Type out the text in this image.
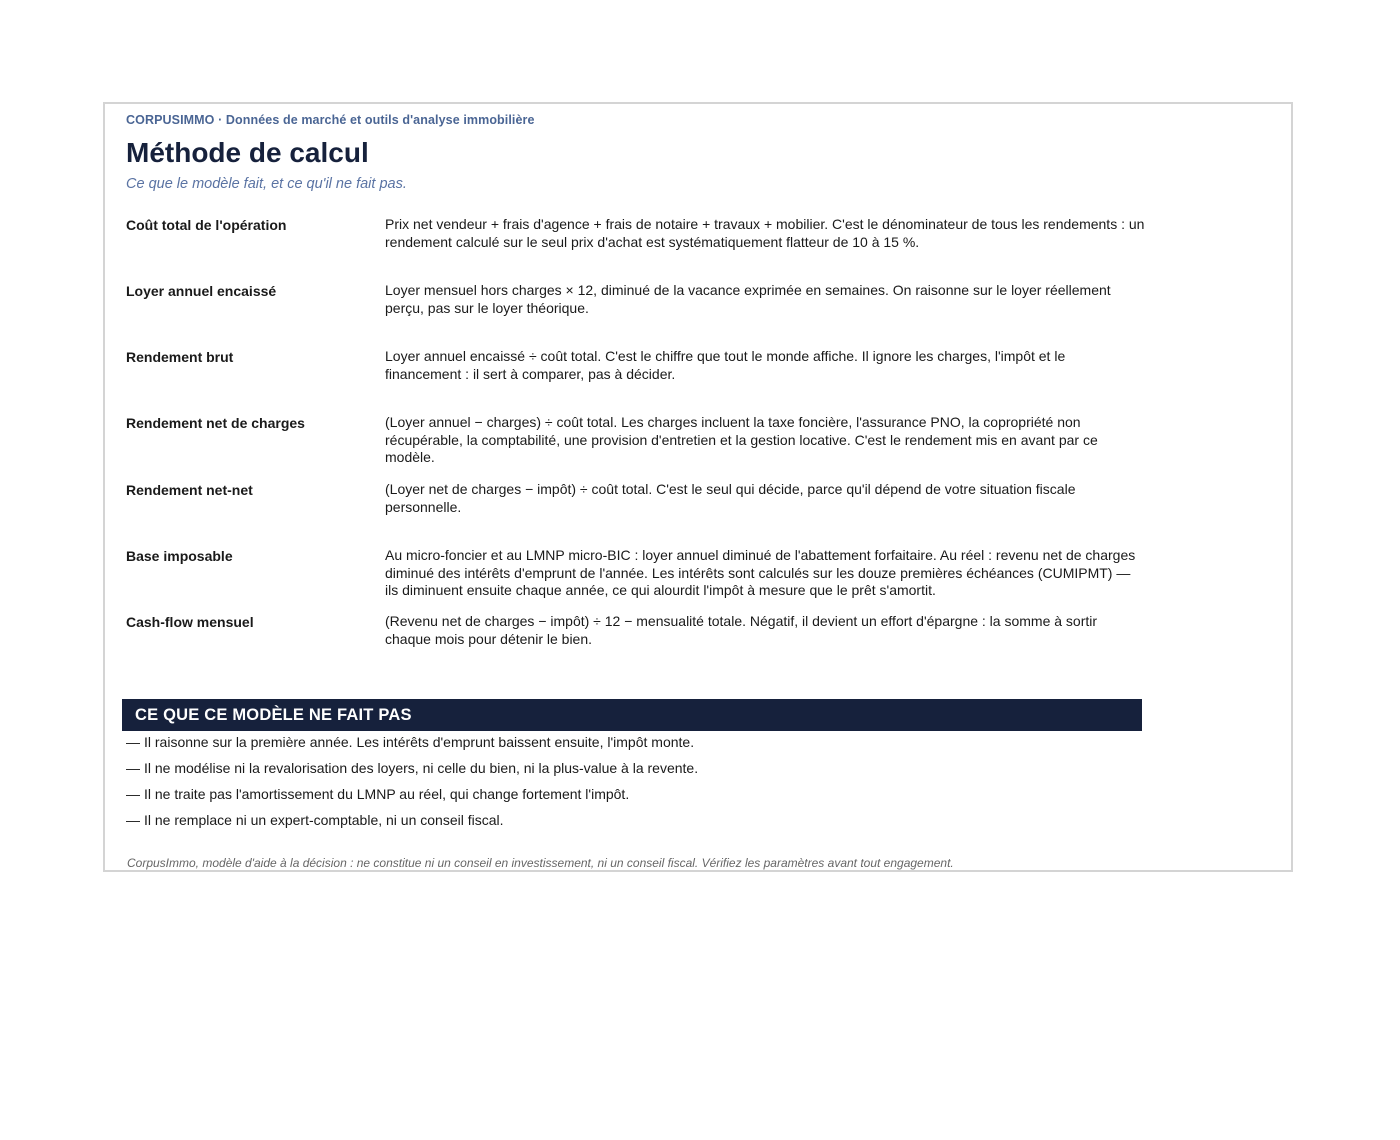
CORPUSIMMO · Données de marché et outils d'analyse immobilière
Méthode de calcul
Ce que le modèle fait, et ce qu'il ne fait pas.
Coût total de l'opération	Prix net vendeur + frais d'agence + frais de notaire + travaux + mobilier. C'est le dénominateur de tous les rendements : un rendement calculé sur le seul prix d'achat est systématiquement flatteur de 10 à 15 %.
Loyer annuel encaissé	Loyer mensuel hors charges × 12, diminué de la vacance exprimée en semaines. On raisonne sur le loyer réellement perçu, pas sur le loyer théorique.
Rendement brut	Loyer annuel encaissé ÷ coût total. C'est le chiffre que tout le monde affiche. Il ignore les charges, l'impôt et le financement : il sert à comparer, pas à décider.
Rendement net de charges	(Loyer annuel − charges) ÷ coût total. Les charges incluent la taxe foncière, l'assurance PNO, la copropriété non récupérable, la comptabilité, une provision d'entretien et la gestion locative. C'est le rendement mis en avant par ce modèle.
Rendement net-net	(Loyer net de charges − impôt) ÷ coût total. C'est le seul qui décide, parce qu'il dépend de votre situation fiscale personnelle.
Base imposable	Au micro-foncier et au LMNP micro-BIC : loyer annuel diminué de l'abattement forfaitaire. Au réel : revenu net de charges diminué des intérêts d'emprunt de l'année. Les intérêts sont calculés sur les douze premières échéances (CUMIPMT) — ils diminuent ensuite chaque année, ce qui alourdit l'impôt à mesure que le prêt s'amortit.
Cash-flow mensuel	(Revenu net de charges − impôt) ÷ 12 − mensualité totale. Négatif, il devient un effort d'épargne : la somme à sortir chaque mois pour détenir le bien.
CE QUE CE MODÈLE NE FAIT PAS
— Il raisonne sur la première année. Les intérêts d'emprunt baissent ensuite, l'impôt monte.
— Il ne modélise ni la revalorisation des loyers, ni celle du bien, ni la plus-value à la revente.
— Il ne traite pas l'amortissement du LMNP au réel, qui change fortement l'impôt.
— Il ne remplace ni un expert-comptable, ni un conseil fiscal.
CorpusImmo, modèle d'aide à la décision : ne constitue ni un conseil en investissement, ni un conseil fiscal. Vérifiez les paramètres avant tout engagement.
